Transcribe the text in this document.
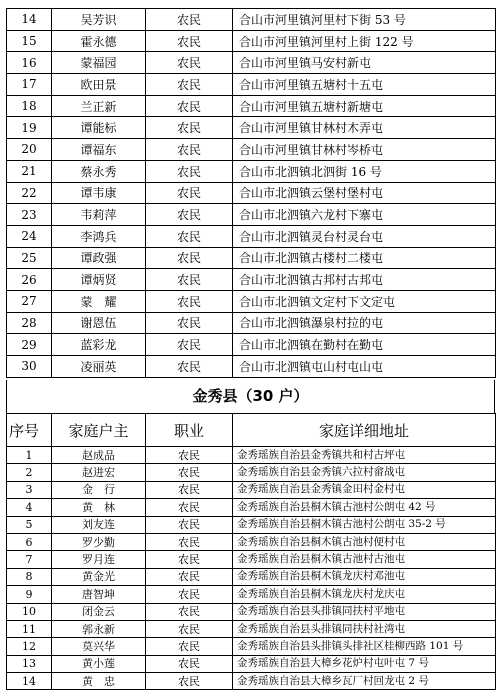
14	吴芳识	农民	合山市河里镇河里村下街 53 号
15	霍永德	农民	合山市河里镇河里村上街 122 号
16	蒙福园	农民	合山市河里镇马安村新屯
17	欧田景	农民	合山市河里镇五塘村十五屯
18	兰正新	农民	合山市河里镇五塘村新塘屯
19	谭能标	农民	合山市河里镇甘林村木弄屯
20	谭福东	农民	合山市河里镇甘林村岑桥屯
21	蔡永秀	农民	合山市北泗镇北泗街 16 号
22	谭韦康	农民	合山市北泗镇云堡村堡村屯
23	韦莉萍	农民	合山市北泗镇六龙村下寨屯
24	李鸿兵	农民	合山市北泗镇灵台村灵台屯
25	谭政强	农民	合山市北泗镇古楼村二楼屯
26	谭炳贤	农民	合山市北泗镇古邦村古邦屯
27	蒙　耀	农民	合山市北泗镇文定村下文定屯
28	谢恩伍	农民	合山市北泗镇瀑泉村拉的屯
29	蓝彩龙	农民	合山市北泗镇在勤村在勤屯
30	凌丽英	农民	合山市北泗镇屯山村屯山屯
金秀县（30 户）
序号	家庭户主	职业	家庭详细地址
1	赵成品	农民	金秀瑶族自治县金秀镇共和村古坪屯
2	赵进宏	农民	金秀瑶族自治县金秀镇六拉村畲战屯
3	金　行	农民	金秀瑶族自治县金秀镇金田村金村屯
4	黄　林	农民	金秀瑶族自治县桐木镇古池村公朗屯 42 号
5	刘友连	农民	金秀瑶族自治县桐木镇古池村公朗屯 35-2 号
6	罗少勤	农民	金秀瑶族自治县桐木镇古池村便村屯
7	罗月连	农民	金秀瑶族自治县桐木镇古池村古池屯
8	黄金光	农民	金秀瑶族自治县桐木镇龙庆村邓池屯
9	唐智坤	农民	金秀瑶族自治县桐木镇龙庆村龙庆屯
10	闭金云	农民	金秀瑶族自治县头排镇同扶村平地屯
11	郭永新	农民	金秀瑶族自治县头排镇同扶村社湾屯
12	莫兴华	农民	金秀瑶族自治县头排镇头排社区桂柳西路 101 号
13	黄小莲	农民	金秀瑶族自治县大樟乡花炉村屯叶屯 7 号
14	黄　忠	农民	金秀瑶族自治县大樟乡瓦厂村回龙屯 2 号
